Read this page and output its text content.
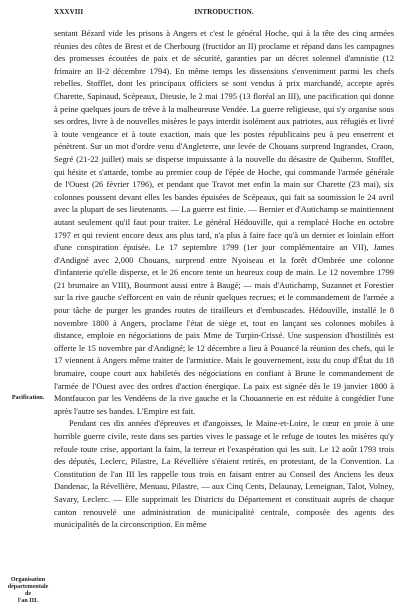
XXXVIII	INTRODUCTION.
Pacification.
Organisation
départementale
de
l'an III.

sentant Bézard vide les prisons à Angers et c'est le général Hoche, qui à la tête des cinq armées réunies des côtes de Brest et de Cherbourg (fructidor an II) proclame et répand dans les campagnes des promesses écoutées de paix et de sécurité, garanties par un décret solennel d'amnistie (12 frimaire an II-2 décembre 1794). En même temps les dissensions s'enveniment parmi les chefs rebelles. Stofflet, dont les principaux officiers se sont vendus à prix marchandé, accepte après Charette, Sapinaud, Scépeaux, Dieusie, le 2 mai 1795 (13 floréal an III), une pacification qui donne à peine quelques jours de trêve à la malheureuse Vendée. La guerre religieuse, qui s'y organise sous ses ordres, livre à de nouvelles misères le pays interdit isolément aux patriotes, aux réfugiés et livré à toute vengeance et à toute exaction, mais que les postes républicains peu à peu enserrent et pénètrent. Sur un mot d'ordre venu d'Angleterre, une levée de Chouans surprend Ingrandes, Craon, Segré (21-22 juillet) mais se disperse impuissante à la nouvelle du désastre de Quiberon. Stofflet, qui hésite et s'attarde, tombe au premier coup de l'épée de Hoche, qui commande l'armée générale de l'Ouest (26 février 1796), et pendant que Travot met enfin la main sur Charette (23 mai), six colonnes poussent devant elles les bandes épuisées de Scépeaux, qui fait sa soumission le 24 avril avec la plupart de ses lieutenants. — La guerre est finie. — Bernier et d'Autichamp se maintiennent autant seulement qu'il faut pour traiter. Le général Hédouville, qui a remplacé Hoche en octobre 1797 et qui revient encore deux ans plus tard, n'a plus à faire face qu'à un dernier et loinlain effort d'une conspiration épuisée. Le 17 septembre 1799 (1er jour complémentaire an VII), James d'Andigné avec 2,000 Chouans, surprend entre Nyoiseau et la forêt d'Ombrée une colonne d'infanterie qu'elle disperse, et le 26 encore tente un heureux coup de main. Le 12 novembre 1799 (21 brumaire an VIII), Bourmont aussi entre à Baugé; — mais d'Autichamp, Suzannet et Forestier sur la rive gauche s'efforcent en vain de réunir quelques recrues; et le commandement de l'armée a pour tâche de purger les grandes routes de tirailleurs et d'embuscades. Hédouville, installé le 8 novembre 1800 à Angers, proclame l'état de siège et, tout en lançant ses colonnes mobiles à distance, emploie en négociations de paix Mme de Turpin-Crissé. Une suspension d'hostilités est offerte le 15 novembre par d'Andigné; le 12 décembre a lieu à Pouancé la réunion des chefs, qui le 17 viennent à Angers même traiter de l'armistice. Mais le gouvernement, issu du coup d'État du 18 brumaire, coupe court aux habiletés des négociations en confiant à Brune le commandement de l'armée de l'Ouest avec des ordres d'action énergique. La paix est signée dès le 19 janvier 1800 à Montfaucon par les Vendéens de la rive gauche et la Chouannerie en est réduite à congédier l'une après l'autre ses bandes. L'Empire est fait.

Pendant ces dix années d'épreuves et d'angoisses, le Maine-et-Loire, le cœur en proie à une horrible guerre civile, reste dans ses parties vives le passage et le refuge de toutes les misères qu'y refoule toute crise, apportant la faim, la terreur et l'exaspération qui les suit. Le 12 août 1793 trois des députés, Leclerc, Pilastre, La Révellière s'étaient retirés, en protestant, de la Convention. La Constitution de l'an III les rappelle tous trois en faisant entrer au Conseil des Anciens les deux Dandenac, la Révellière, Menuau, Pilastre, — aux Cinq Cents, Delaunay, Lemeignan, Talot, Volney, Savary, Leclerc. — Elle supprimait les Districts du Département et constituait auprès de chaque canton renouvelé une administration de municipalité centrale, composée des agents des municipalités de la circonscription. En même
